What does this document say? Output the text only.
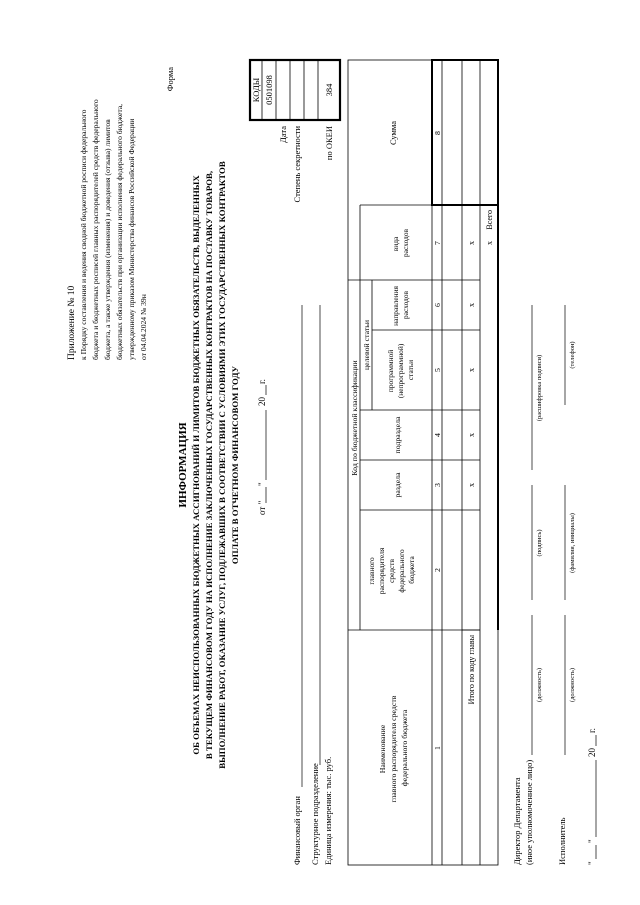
Приложение № 10 к Порядку составления и ведения сводной бюджетной росписи федерального бюджета и бюджетных росписей главных распорядителей средств федерального бюджета, а также утверждения (изменения) и доведения (отзыва) лимитов бюджетных обязательств при организации исполнения федерального бюджета, утвержденному приказом Министерства финансов Российской Федерации от 04.04.2024 № 39н
Форма
ИНФОРМАЦИЯ ОБ ОБЪЕМАХ НЕИСПОЛЬЗОВАННЫХ БЮДЖЕТНЫХ АССИГНОВАНИЙ И ЛИМИТОВ БЮДЖЕТНЫХ ОБЯЗАТЕЛЬСТВ, ВЫДЕЛЕННЫХ В ТЕКУЩЕМ ФИНАНСОВОМ ГОДУ НА ИСПОЛНЕНИЕ ЗАКЛЮЧЕННЫХ ГОСУДАРСТВЕННЫХ КОНТРАКТОВ НА ПОСТАВКУ ТОВАРОВ, ВЫПОЛНЕНИЕ РАБОТ, ОКАЗАНИЕ УСЛУГ, ПОДЛЕЖАВШИХ В СООТВЕТСТВИИ С УСЛОВИЯМИ ЭТИХ ГОСУДАРСТВЕННЫХ КОНТРАКТОВ ОПЛАТЕ В ОТЧЕТНОМ ФИНАНСОВОМ ГОДУ от "
"
20
г.
КОДЫ 0501098
Дата Степень секретности	по ОКЕИ
384
Финансовый орган Структурное подразделение Единица измерения: тыс. руб.
Наименование главного распорядителя средств федерального бюджета
Код по бюджетной классификации
главного распорядителя средств федерального бюджета
раздела
подраздела
целевой статьи
программной (непрограммной) статьи
направления расходов
вида расходов
Сумма
1
2
3
4
5
6
7
8
Итого по коду главы
x
x
x
x
x
Всего
x
Директор Департамента (иное уполномоченное лицо)
(должность)
(подпись)
(расшифровка подписи)
Исполнитель
(должность)
(фамилия, инициалы)
(телефон)
"
"
20
г.
